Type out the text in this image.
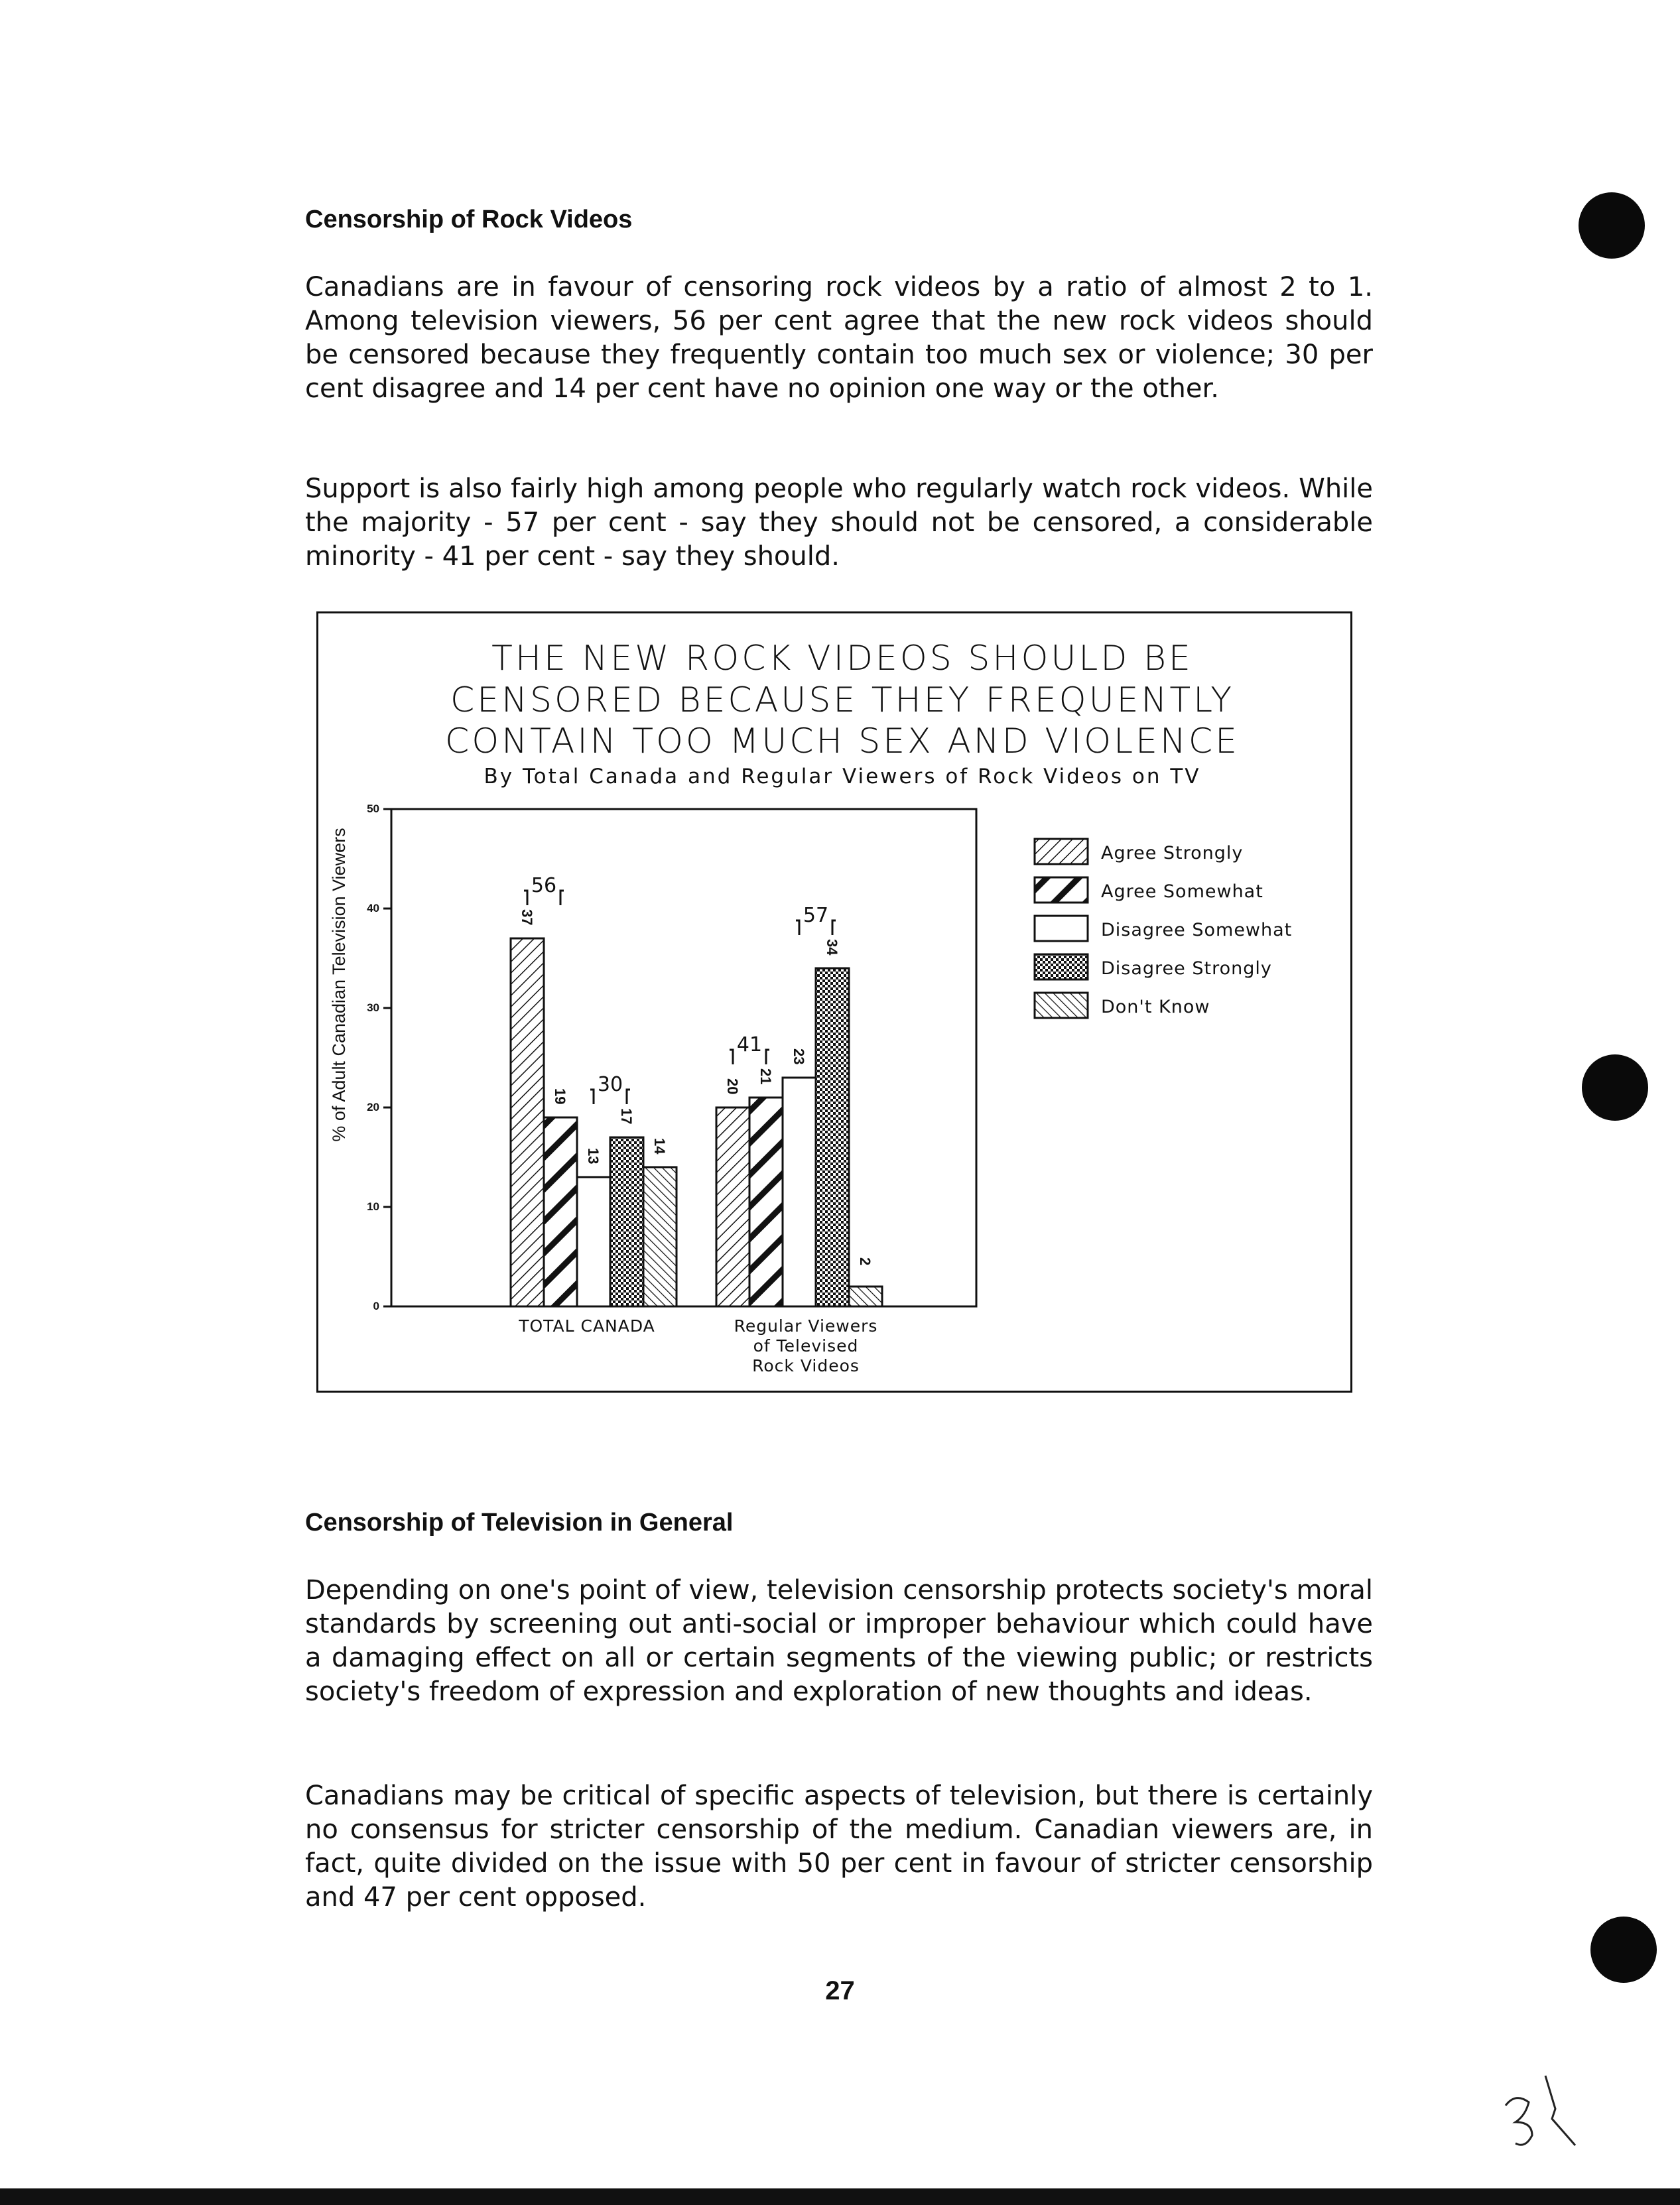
Censorship of Rock Videos
Canadians are in favour of censoring rock videos by a ratio of almost 2 to 1. Among television viewers, 56 per cent agree that the new rock videos should be censored because they frequently contain too much sex or violence; 30 per cent disagree and 14 per cent have no opinion one way or the other.
Support is also fairly high among people who regularly watch rock videos. While the majority - 57 per cent - say they should not be censored, a considerable minority - 41 per cent - say they should.
THE NEW ROCK VIDEOS SHOULD BE
CENSORED BECAUSE THEY FREQUENTLY
CONTAIN TOO MUCH SEX AND VIOLENCE
By Total Canada and Regular Viewers of Rock Videos on TV
% of Adult Canadian Television Viewers
0
10
20
30
40
50
37
20
19
21
13
23
17
34
14
2
56
30
41
57
TOTAL CANADA	Regular Viewers
of Televised
Rock Videos
Agree Strongly
Agree Somewhat
Disagree Somewhat
Disagree Strongly
Don't Know
Censorship of Television in General
Depending on one's point of view, television censorship protects society's moral standards by screening out anti-social or improper behaviour which could have a damaging effect on all or certain segments of the viewing public; or restricts society's freedom of expression and exploration of new thoughts and ideas.
Canadians may be critical of specific aspects of television, but there is certainly no consensus for stricter censorship of the medium. Canadian viewers are, in fact, quite divided on the issue with 50 per cent in favour of stricter censorship and 47 per cent opposed.
27
